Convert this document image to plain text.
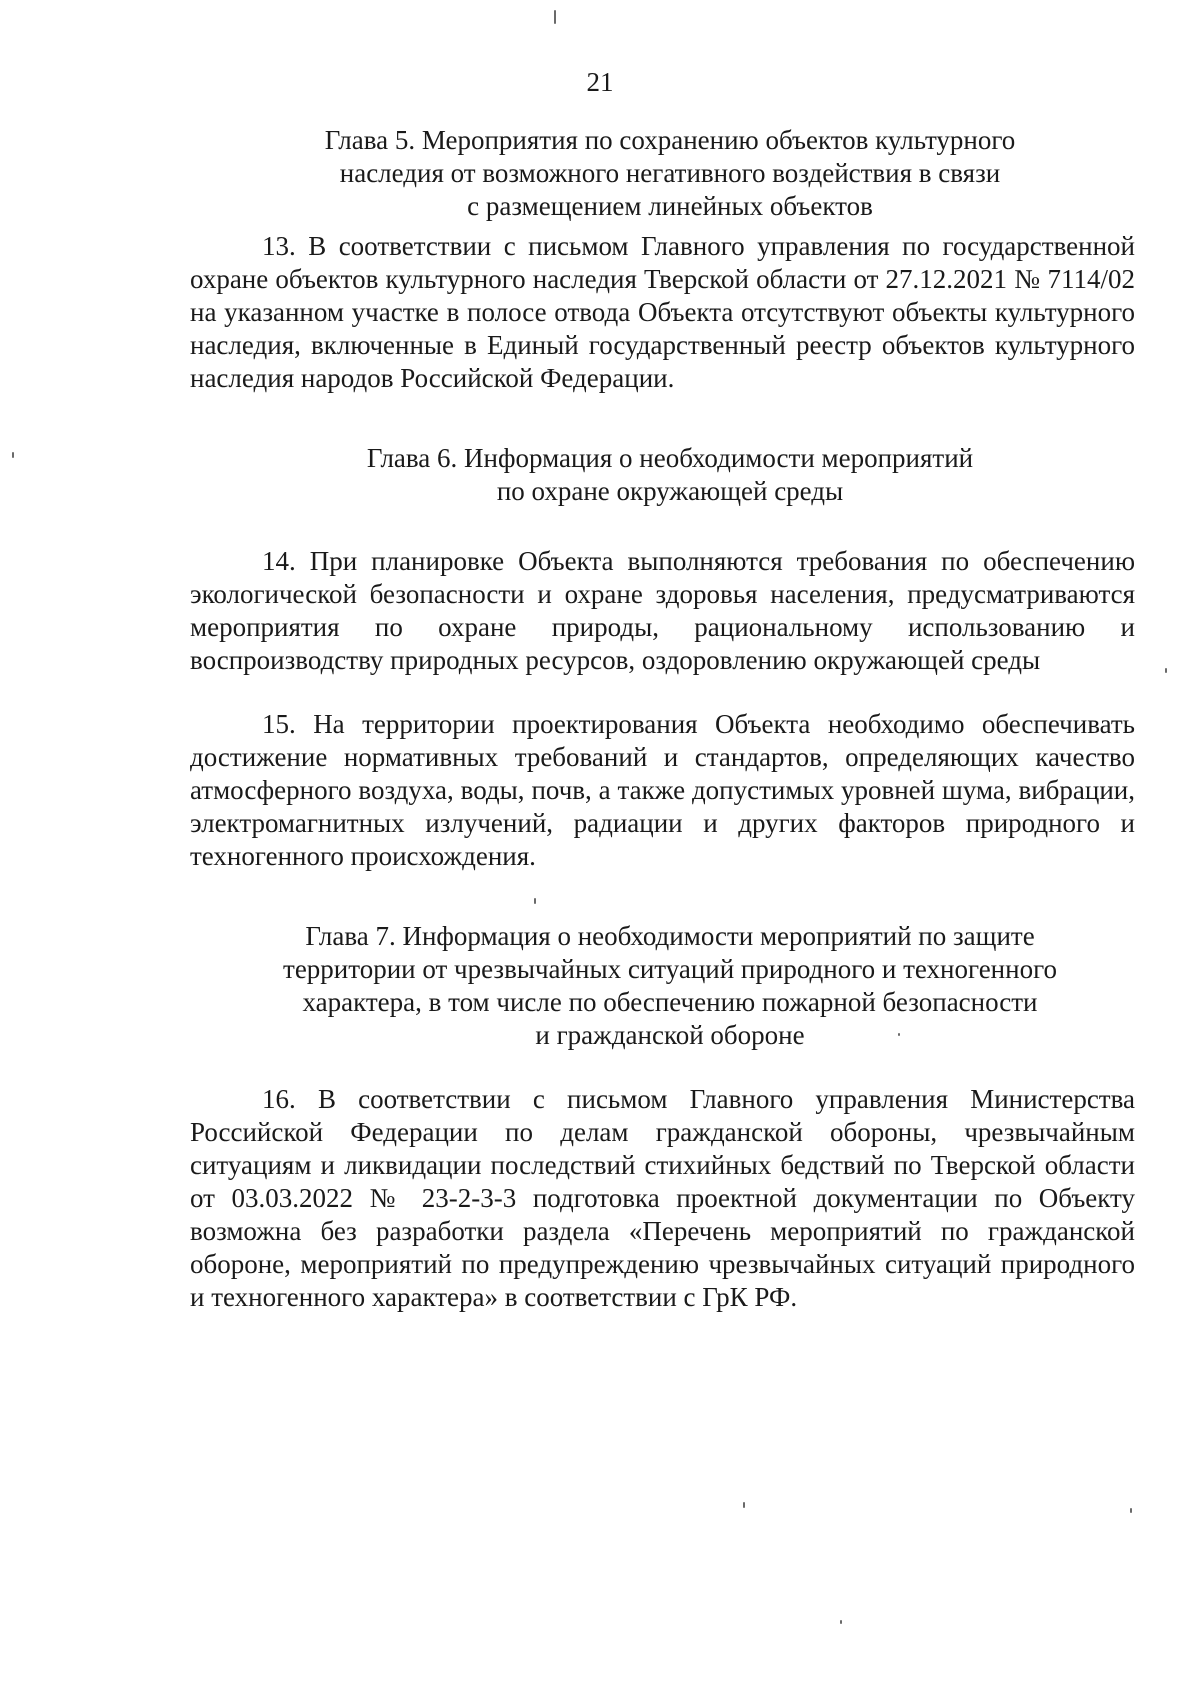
21
Глава 5. Мероприятия по сохранению объектов культурного
наследия от возможного негативного воздействия в связи
с размещением линейных объектов

13. В соответствии с письмом Главного управления по государственной охране объектов культурного наследия Тверской области от 27.12.2021 № 7114/02 на указанном участке в полосе отвода Объекта отсутствуют объекты культурного наследия, включенные в Единый государственный реестр объектов культурного наследия народов Российской Федерации.

Глава 6. Информация о необходимости мероприятий
по охране окружающей среды

14. При планировке Объекта выполняются требования по обеспечению экологической безопасности и охране здоровья населения, предусматриваются мероприятия по охране природы, рациональному использованию и воспроизводству природных ресурсов, оздоровлению окружающей среды

15. На территории проектирования Объекта необходимо обеспечивать достижение нормативных требований и стандартов, определяющих качество атмосферного воздуха, воды, почв, а также допустимых уровней шума, вибрации, электромагнитных излучений, радиации и других факторов природного и техногенного происхождения.

Глава 7. Информация о необходимости мероприятий по защите
территории от чрезвычайных ситуаций природного и техногенного
характера, в том числе по обеспечению пожарной безопасности
и гражданской обороне

16. В соответствии с письмом Главного управления Министерства Российской Федерации по делам гражданской обороны, чрезвычайным ситуациям и ликвидации последствий стихийных бедствий по Тверской области от 03.03.2022 № 23-2-3-3 подготовка проектной документации по Объекту возможна без разработки раздела «Перечень мероприятий по гражданской обороне, мероприятий по предупреждению чрезвычайных ситуаций природного и техногенного характера» в соответствии с ГрК РФ.
